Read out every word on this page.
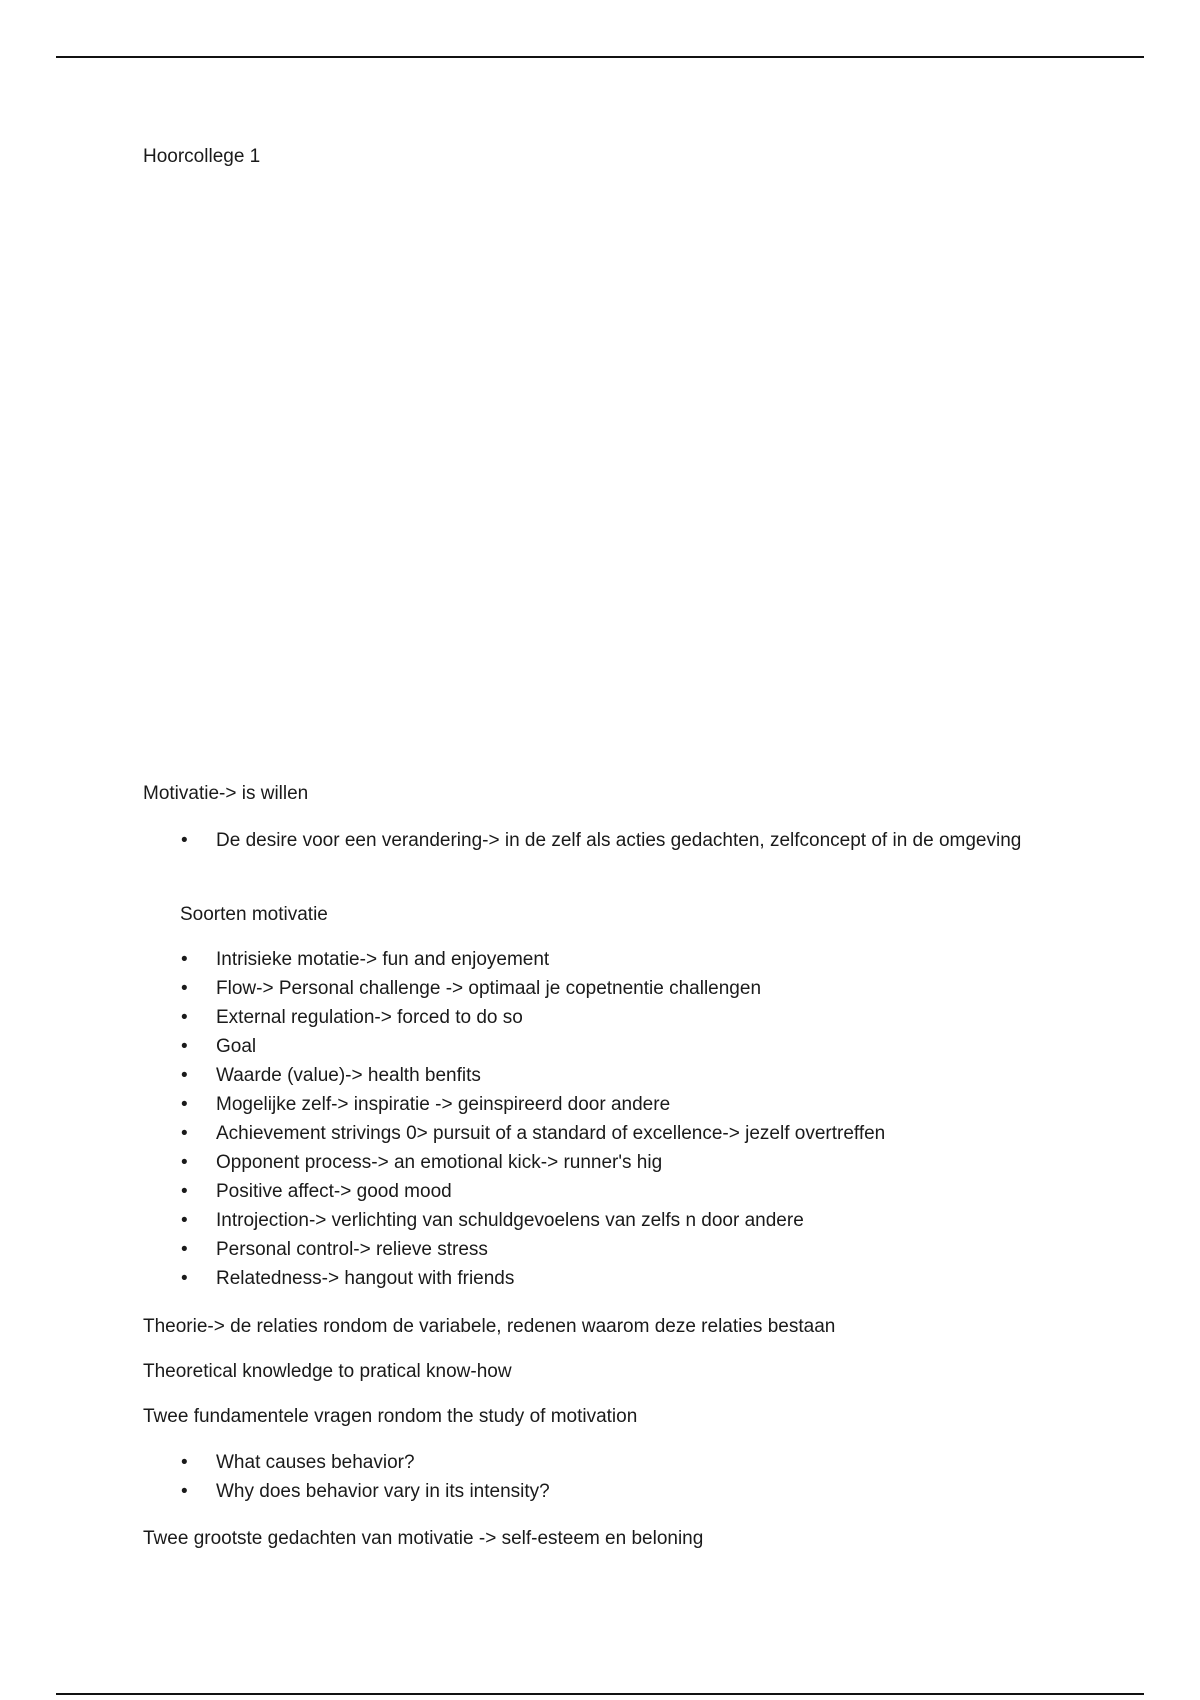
Hoorcollege 1

Motivatie-> is willen

• De desire voor een verandering-> in de zelf als acties gedachten, zelfconcept of in de omgeving

Soorten motivatie

• Intrisieke motatie-> fun and enjoyement
• Flow-> Personal challenge -> optimaal je copetnentie challengen
• External regulation-> forced to do so
• Goal
• Waarde (value)-> health benfits
• Mogelijke zelf-> inspiratie -> geinspireerd door andere
• Achievement strivings 0> pursuit of a standard of excellence-> jezelf overtreffen
• Opponent process-> an emotional kick-> runner's hig
• Positive affect-> good mood
• Introjection-> verlichting van schuldgevoelens van zelfs n door andere
• Personal control-> relieve stress
• Relatedness-> hangout with friends

Theorie-> de relaties rondom de variabele, redenen waarom deze relaties bestaan

Theoretical knowledge to pratical know-how

Twee fundamentele vragen rondom the study of motivation

• What causes behavior?
• Why does behavior vary in its intensity?

Twee grootste gedachten van motivatie -> self-esteem en beloning
